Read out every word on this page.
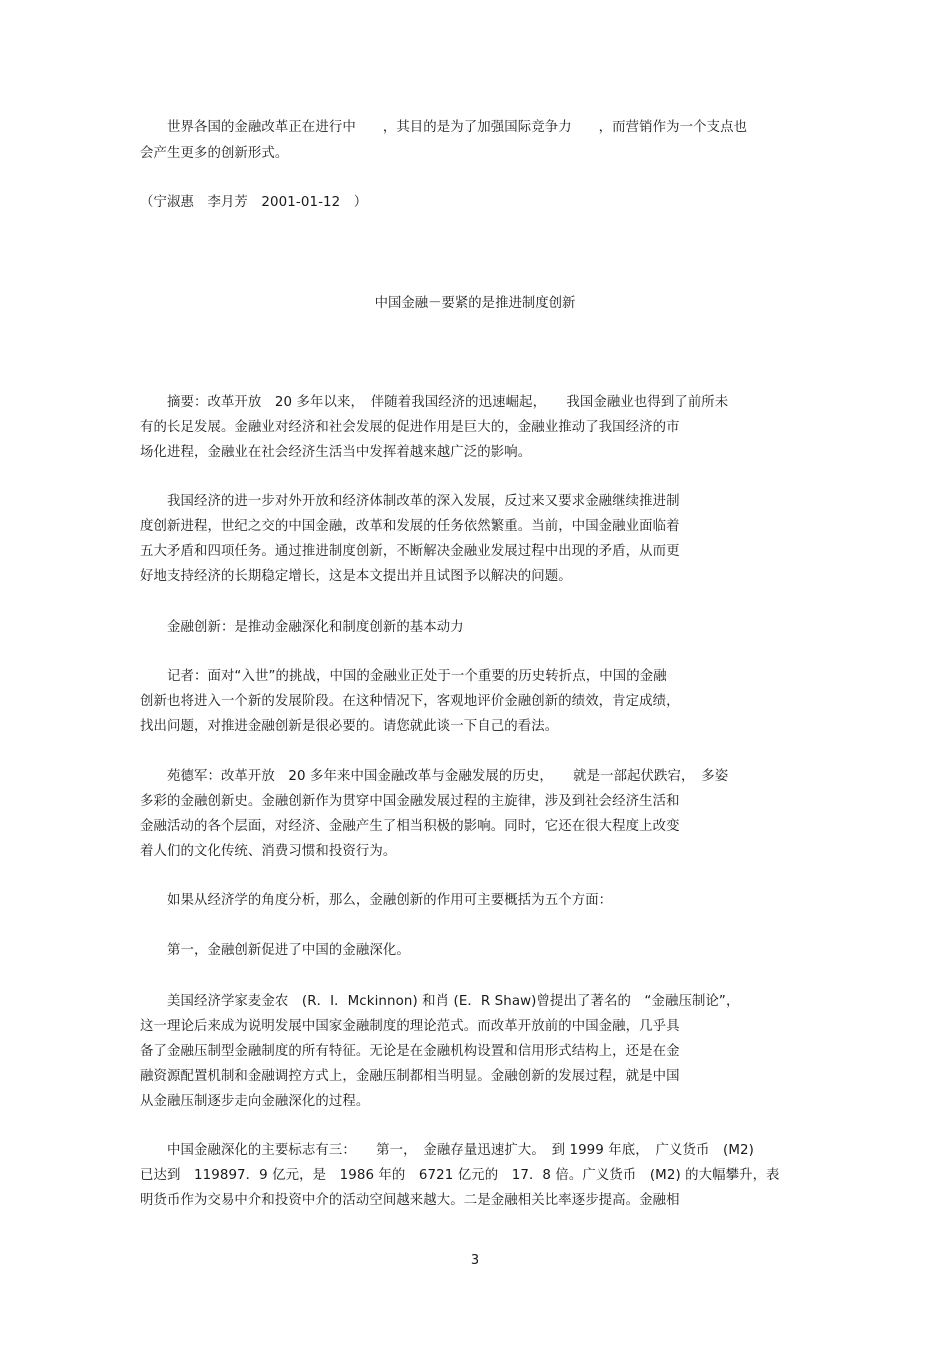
　　世界各国的金融改革正在进行中　　，其目的是为了加强国际竞争力　　，而营销作为一个支点也
会产生更多的创新形式。
（宁淑惠　李月芳　2001-01-12　）
中国金融－要紧的是推进制度创新
　　摘要：改革开放　20 多年以来，　伴随着我国经济的迅速崛起，　　我国金融业也得到了前所未
有的长足发展。金融业对经济和社会发展的促进作用是巨大的，金融业推动了我国经济的市
场化进程，金融业在社会经济生活当中发挥着越来越广泛的影响。
　　我国经济的进一步对外开放和经济体制改革的深入发展，反过来又要求金融继续推进制
度创新进程，世纪之交的中国金融，改革和发展的任务依然繁重。当前，中国金融业面临着
五大矛盾和四项任务。通过推进制度创新，不断解决金融业发展过程中出现的矛盾，从而更
好地支持经济的长期稳定增长，这是本文提出并且试图予以解决的问题。
　　金融创新：是推动金融深化和制度创新的基本动力
　　记者：面对“入世”的挑战，中国的金融业正处于一个重要的历史转折点，中国的金融
创新也将进入一个新的发展阶段。在这种情况下，客观地评价金融创新的绩效，肯定成绩，
找出问题，对推进金融创新是很必要的。请您就此谈一下自己的看法。
　　苑德军：改革开放　20 多年来中国金融改革与金融发展的历史，　　就是一部起伏跌宕，　多姿
多彩的金融创新史。金融创新作为贯穿中国金融发展过程的主旋律，涉及到社会经济生活和
金融活动的各个层面，对经济、金融产生了相当积极的影响。同时，它还在很大程度上改变
着人们的文化传统、消费习惯和投资行为。
　　如果从经济学的角度分析，那么，金融创新的作用可主要概括为五个方面：
　　第一，金融创新促进了中国的金融深化。
　　美国经济学家麦金农　(R．I．Mckinnon) 和肖 (E．R Shaw)曾提出了著名的　“金融压制论”，
这一理论后来成为说明发展中国家金融制度的理论范式。而改革开放前的中国金融，几乎具
备了金融压制型金融制度的所有特征。无论是在金融机构设置和信用形式结构上，还是在金
融资源配置机制和金融调控方式上，金融压制都相当明显。金融创新的发展过程，就是中国
从金融压制逐步走向金融深化的过程。
　　中国金融深化的主要标志有三：　　第一，　金融存量迅速扩大。　到 1999 年底，　广义货币　(M2)
已达到　119897．9 亿元，是　1986 年的　6721 亿元的　17．8 倍。广义货币　(M2) 的大幅攀升，表
明货币作为交易中介和投资中介的活动空间越来越大。二是金融相关比率逐步提高。金融相
3
